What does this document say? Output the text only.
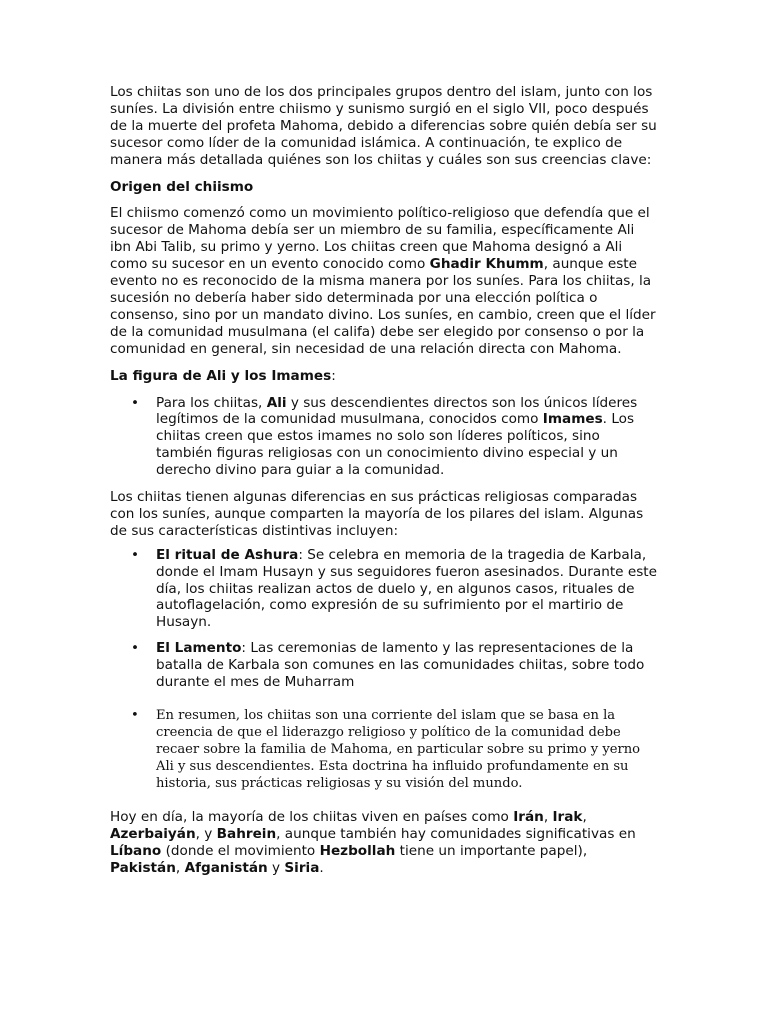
Los chiitas son uno de los dos principales grupos dentro del islam, junto con los suníes. La división entre chiismo y sunismo surgió en el siglo VII, poco después de la muerte del profeta Mahoma, debido a diferencias sobre quién debía ser su sucesor como líder de la comunidad islámica. A continuación, te explico de manera más detallada quiénes son los chiitas y cuáles son sus creencias clave:

Origen del chiismo

El chiismo comenzó como un movimiento político-religioso que defendía que el sucesor de Mahoma debía ser un miembro de su familia, específicamente Ali ibn Abi Talib, su primo y yerno. Los chiitas creen que Mahoma designó a Ali como su sucesor en un evento conocido como Ghadir Khumm, aunque este evento no es reconocido de la misma manera por los suníes. Para los chiitas, la sucesión no debería haber sido determinada por una elección política o consenso, sino por un mandato divino. Los suníes, en cambio, creen que el líder de la comunidad musulmana (el califa) debe ser elegido por consenso o por la comunidad en general, sin necesidad de una relación directa con Mahoma.

La figura de Ali y los Imames:

• Para los chiitas, Ali y sus descendientes directos son los únicos líderes legítimos de la comunidad musulmana, conocidos como Imames. Los chiitas creen que estos imames no solo son líderes políticos, sino también figuras religiosas con un conocimiento divino especial y un derecho divino para guiar a la comunidad.

Los chiitas tienen algunas diferencias en sus prácticas religiosas comparadas con los suníes, aunque comparten la mayoría de los pilares del islam. Algunas de sus características distintivas incluyen:

• El ritual de Ashura: Se celebra en memoria de la tragedia de Karbala, donde el Imam Husayn y sus seguidores fueron asesinados. Durante este día, los chiitas realizan actos de duelo y, en algunos casos, rituales de autoflagelación, como expresión de su sufrimiento por el martirio de Husayn.
• El Lamento: Las ceremonias de lamento y las representaciones de la batalla de Karbala son comunes en las comunidades chiitas, sobre todo durante el mes de Muharram
• En resumen, los chiitas son una corriente del islam que se basa en la creencia de que el liderazgo religioso y político de la comunidad debe recaer sobre la familia de Mahoma, en particular sobre su primo y yerno Ali y sus descendientes. Esta doctrina ha influido profundamente en su historia, sus prácticas religiosas y su visión del mundo.

Hoy en día, la mayoría de los chiitas viven en países como Irán, Irak, Azerbaiyán, y Bahrein, aunque también hay comunidades significativas en Líbano (donde el movimiento Hezbollah tiene un importante papel), Pakistán, Afganistán y Siria.
